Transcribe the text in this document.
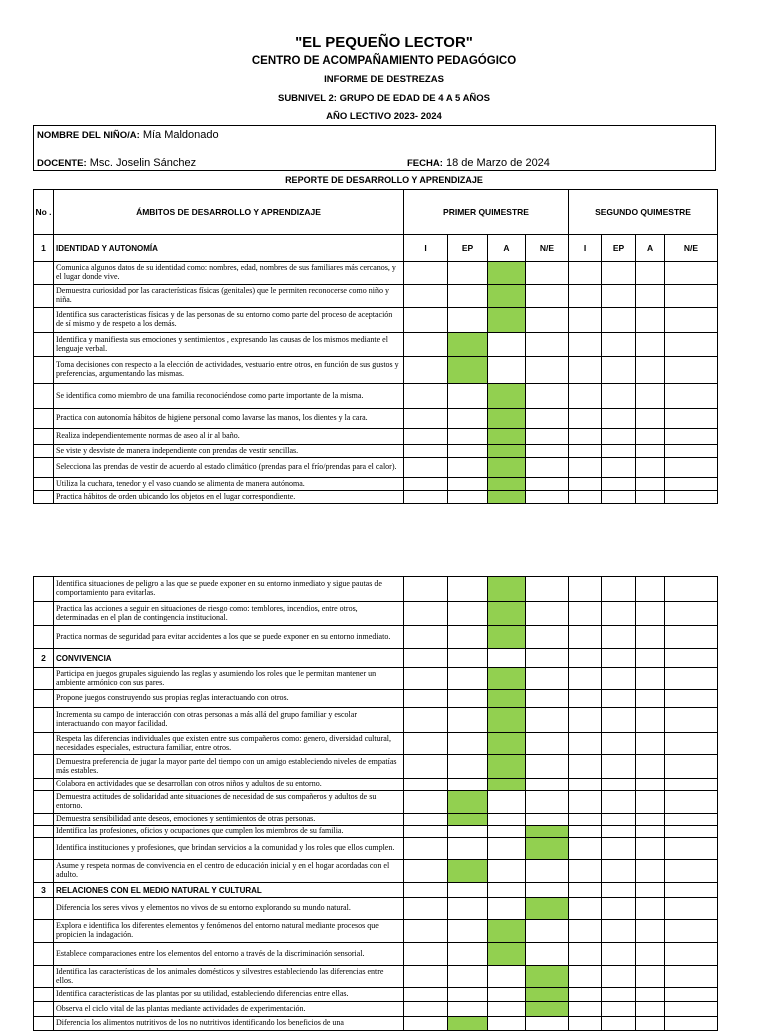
"EL PEQUEÑO LECTOR"
CENTRO DE ACOMPAÑAMIENTO PEDAGÓGICO
INFORME DE DESTREZAS
SUBNIVEL 2: GRUPO DE EDAD DE 4 A 5 AÑOS
AÑO LECTIVO 2023- 2024
NOMBRE DEL NIÑO/A: Mía Maldonado
DOCENTE: Msc. Joselin Sánchez	FECHA: 18 de Marzo de 2024
REPORTE DE DESARROLLO Y APRENDIZAJE
No .	ÁMBITOS DE DESARROLLO Y APRENDIZAJE	PRIMER QUIMESTRE				SEGUNDO QUIMESTRE			
1	IDENTIDAD Y AUTONOMÍA	I	EP	A	N/E	I	EP	A	N/E
	Comunica algunos datos de su identidad como: nombres, edad, nombres de sus familiares más cercanos, y el lugar donde vive.								
	Demuestra curiosidad por las características físicas (genitales) que le permiten reconocerse como niño y niña.								
	Identifica sus características físicas y de las personas de su entorno como parte del proceso de aceptación de sí mismo y de respeto a los demás.								
	Identifica y manifiesta sus emociones y sentimientos , expresando las causas de los mismos mediante el lenguaje verbal.								
	Toma decisiones con respecto a la elección de actividades, vestuario entre otros, en función de sus gustos y preferencias, argumentando las mismas.								
	Se identifica como miembro de una familia reconociéndose como parte importante de la misma.								
	Practica con autonomía hábitos de higiene personal como lavarse las manos, los dientes y la cara.								
	Realiza independientemente normas de aseo al ir al baño.								
	Se viste y desviste de manera independiente con prendas de vestir sencillas.								
	Selecciona las prendas de vestir de acuerdo al estado climático (prendas para el frío/prendas para el calor).								
	Utiliza la cuchara, tenedor y el vaso cuando se alimenta de manera autónoma.								
	Practica hábitos de orden ubicando los objetos en el lugar correspondiente.								
	Identifica situaciones de peligro a las que se puede exponer en su entorno inmediato y sigue pautas de comportamiento para evitarlas.								
	Practica las acciones a seguir en situaciones de riesgo como: temblores, incendios, entre otros, determinadas en el plan de contingencia institucional.								
	Practica normas de seguridad para evitar accidentes a los que se puede exponer en su entorno inmediato.								
2	CONVIVENCIA								
	Participa en juegos grupales siguiendo las reglas y asumiendo los roles que le permitan mantener un ambiente armónico con sus pares.								
	Propone juegos construyendo sus propias reglas interactuando con otros.								
	Incrementa su campo de interacción con otras personas a más allá del grupo familiar y escolar interactuando con mayor facilidad.								
	Respeta las diferencias individuales que existen entre sus compañeros como: genero, diversidad cultural, necesidades especiales, estructura familiar, entre otros.								
	Demuestra preferencia de jugar la mayor parte del tiempo con un amigo estableciendo niveles de empatías más estables.								
	Colabora en actividades que se desarrollan con otros niños y adultos de su entorno.								
	Demuestra actitudes de solidaridad ante situaciones de necesidad de sus compañeros y adultos de su entorno.								
	Demuestra sensibilidad ante deseos, emociones y sentimientos de otras personas.								
	Identifica las profesiones, oficios y ocupaciones que cumplen los miembros de su familia.								
	Identifica instituciones y profesiones, que brindan servicios a la comunidad y los roles que ellos cumplen.								
	Asume y respeta normas de convivencia en el centro de educación inicial y en el hogar acordadas con el adulto.								
3	RELACIONES CON EL MEDIO NATURAL Y CULTURAL								
	Diferencia los seres vivos y elementos no vivos de su entorno explorando su mundo natural.								
	Explora e identifica los diferentes elementos y fenómenos del entorno natural mediante procesos que propicien la indagación.								
	Establece comparaciones entre los elementos del entorno a través de la discriminación sensorial.								
	Identifica las características de los animales domésticos y silvestres estableciendo las diferencias entre ellos.								
	Identifica características de las plantas por su utilidad, estableciendo diferencias entre ellas.								
	Observa el ciclo vital de las plantas mediante actividades de experimentación.								
	Diferencia los alimentos nutritivos de los no nutritivos identificando los beneficios de una								
